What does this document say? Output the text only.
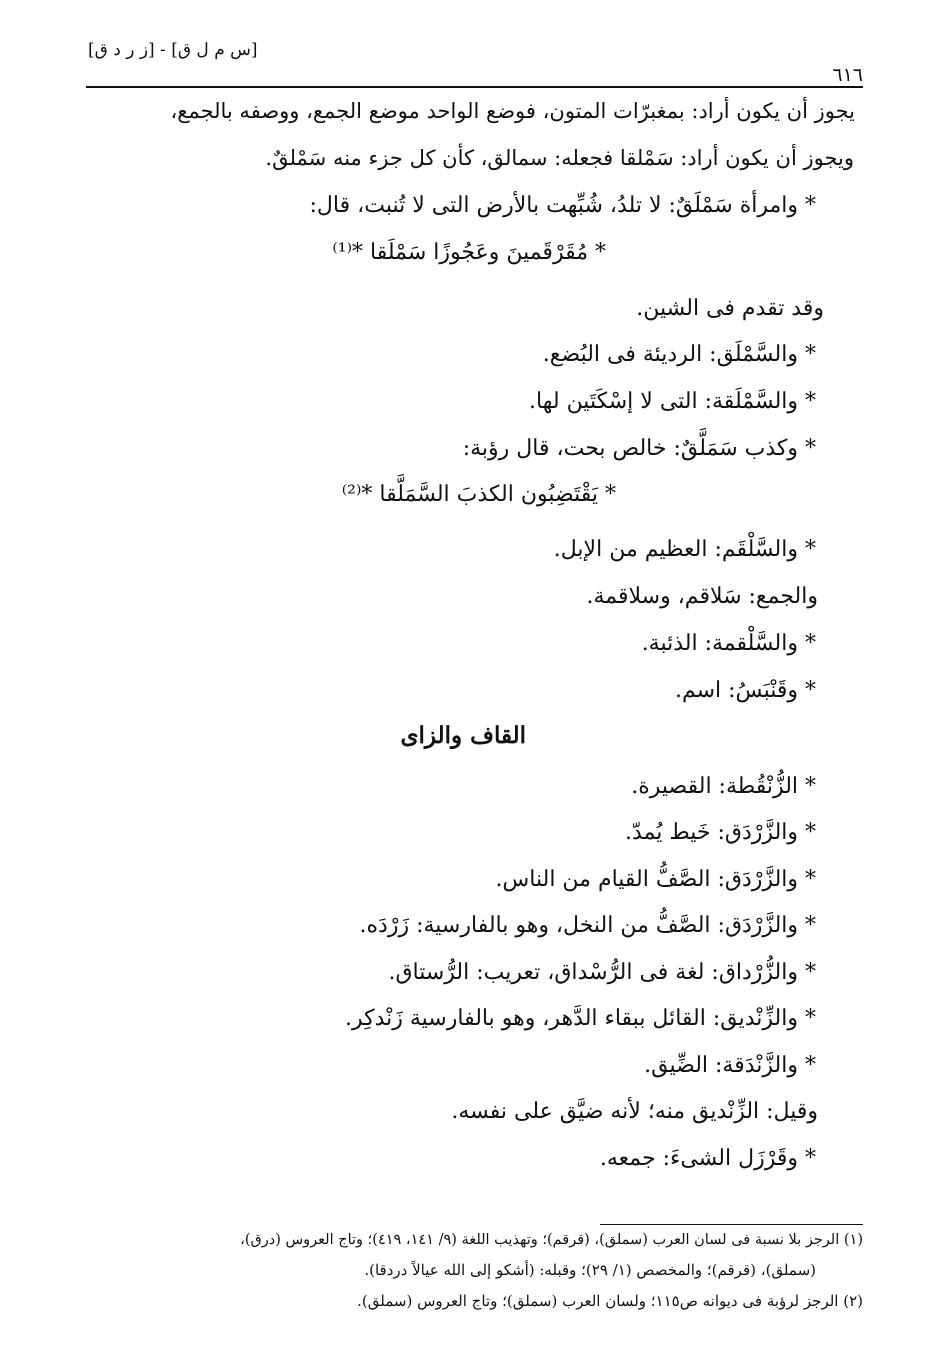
[س م ل ق] - [ز ر د ق]
٦١٦
يجوز أن يكون أراد: بمغبرّات المتون، فوضع الواحد موضع الجمع، ووصفه بالجمع،
ويجوز أن يكون أراد: سَمْلقا فجعله: سمالق، كأن كل جزء منه سَمْلقٌ.
* وامرأة سَمْلَقٌ: لا تلدُ، شُبِّهت بالأرض التى لا تُنبت، قال:
* مُقَرْقَمينَ وعَجُوزًا سَمْلَقا *⁽¹⁾
وقد تقدم فى الشين.
* والسَّمْلَق: الرديئة فى البُضع.
* والسَّمْلَقة: التى لا إسْكَتَين لها.
* وكذب سَمَلَّقٌ: خالص بحت، قال رؤبة:
* يَقْتَضِبُون الكذبَ السَّمَلَّقا *⁽²⁾
* والسَّلْقَم: العظيم من الإبل.
والجمع: سَلاقم، وسلاقمة.
* والسَّلْقمة: الذئبة.
* وقَنْبَسُ: اسم.
القاف والزاى
* الزُّنْقُطة: القصيرة.
* والزَّرْدَق: خَيط يُمدّ.
* والزَّرْدَق: الصَّفُّ القيام من الناس.
* والزَّرْدَق: الصَّفُّ من النخل، وهو بالفارسية: زَرْدَه.
* والزُّرْداق: لغة فى الرُّسْداق، تعريب: الرُّستاق.
* والزِّنْديق: القائل ببقاء الدَّهر، وهو بالفارسية زَنْدكِر.
* والزَّنْدَقة: الضِّيق.
وقيل: الزِّنْديق منه؛ لأنه ضيَّق على نفسه.
* وقَرْزَل الشىءَ: جمعه.
(١) الرجز بلا نسبة فى لسان العرب (سملق)، (قرقم)؛ وتهذيب اللغة (٩/ ١٤١، ٤١٩)؛ وتاج العروس (درق)،
(سملق)، (قرقم)؛ والمخصص (١/ ٢٩)؛ وقبله: (أشكو إلى الله عيالاً دردقا).
(٢) الرجز لرؤبة فى ديوانه ص١١٥؛ ولسان العرب (سملق)؛ وتاج العروس (سملق).
